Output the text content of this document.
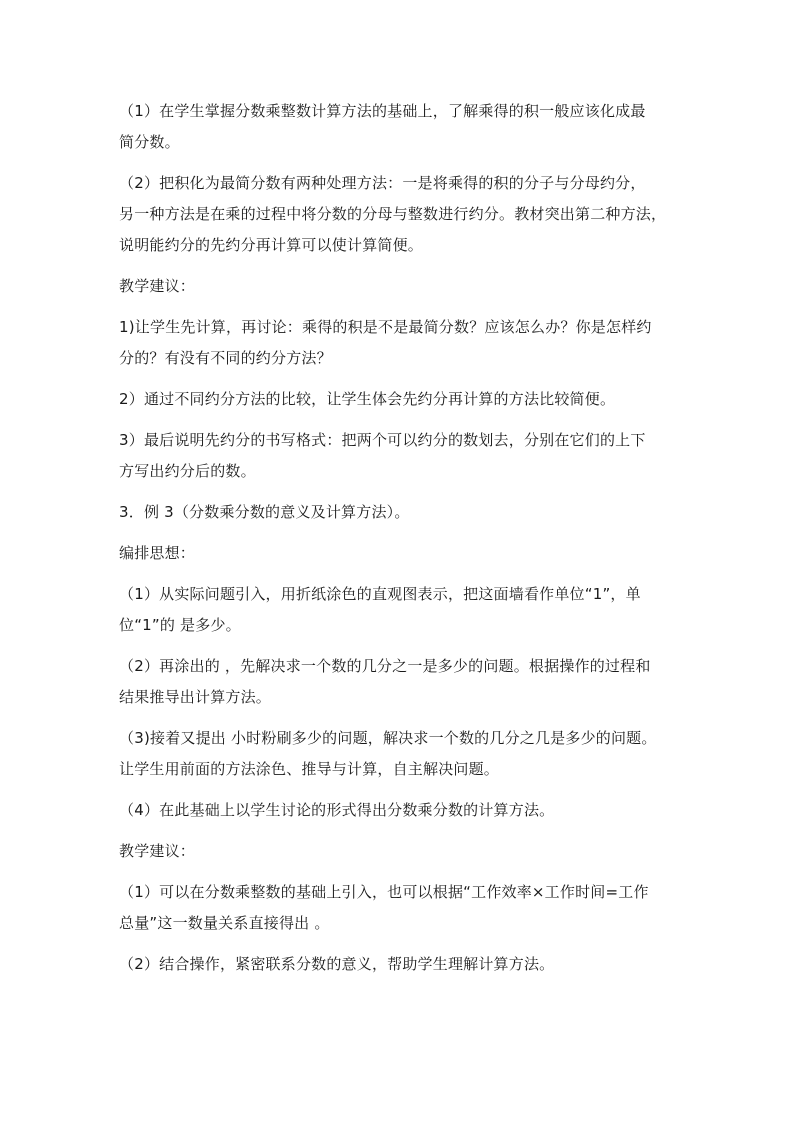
（1）在学生掌握分数乘整数计算方法的基础上，了解乘得的积一般应该化成最

简分数。

（2）把积化为最简分数有两种处理方法：一是将乘得的积的分子与分母约分，

另一种方法是在乘的过程中将分数的分母与整数进行约分。教材突出第二种方法，

说明能约分的先约分再计算可以使计算简便。

教学建议：

1)让学生先计算，再讨论：乘得的积是不是最简分数？应该怎么办？你是怎样约

分的？有没有不同的约分方法？

2）通过不同约分方法的比较，让学生体会先约分再计算的方法比较简便。

3）最后说明先约分的书写格式：把两个可以约分的数划去，分别在它们的上下

方写出约分后的数。

3．例 3（分数乘分数的意义及计算方法）。

编排思想：

（1）从实际问题引入，用折纸涂色的直观图表示，把这面墙看作单位“1”，单

位“1”的 是多少。

（2）再涂出的 ，先解决求一个数的几分之一是多少的问题。根据操作的过程和

结果推导出计算方法。

（3)接着又提出 小时粉刷多少的问题，解决求一个数的几分之几是多少的问题。

让学生用前面的方法涂色、推导与计算，自主解决问题。

（4）在此基础上以学生讨论的形式得出分数乘分数的计算方法。

教学建议：

（1）可以在分数乘整数的基础上引入，也可以根据“工作效率×工作时间=工作

总量”这一数量关系直接得出 。

（2）结合操作，紧密联系分数的意义，帮助学生理解计算方法。
